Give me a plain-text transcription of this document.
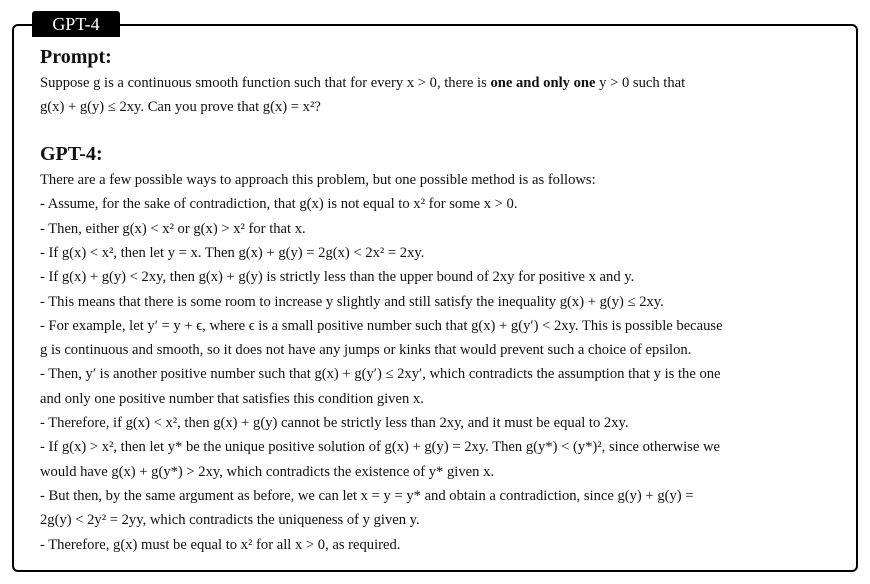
GPT-4
Prompt:
Suppose g is a continuous smooth function such that for every x > 0, there is one and only one y > 0 such that
g(x) + g(y) ≤ 2xy. Can you prove that g(x) = x²?
GPT-4:
There are a few possible ways to approach this problem, but one possible method is as follows:
- Assume, for the sake of contradiction, that g(x) is not equal to x² for some x > 0.
- Then, either g(x) < x² or g(x) > x² for that x.
- If g(x) < x², then let y = x. Then g(x) + g(y) = 2g(x) < 2x² = 2xy.
- If g(x) + g(y) < 2xy, then g(x) + g(y) is strictly less than the upper bound of 2xy for positive x and y.
- This means that there is some room to increase y slightly and still satisfy the inequality g(x) + g(y) ≤ 2xy.
- For example, let y′ = y + ϵ, where ϵ is a small positive number such that g(x) + g(y′) < 2xy. This is possible because
g is continuous and smooth, so it does not have any jumps or kinks that would prevent such a choice of epsilon.
- Then, y′ is another positive number such that g(x) + g(y′) ≤ 2xy′, which contradicts the assumption that y is the one
and only one positive number that satisfies this condition given x.
- Therefore, if g(x) < x², then g(x) + g(y) cannot be strictly less than 2xy, and it must be equal to 2xy.
- If g(x) > x², then let y* be the unique positive solution of g(x) + g(y) = 2xy. Then g(y*) < (y*)², since otherwise we
would have g(x) + g(y*) > 2xy, which contradicts the existence of y* given x.
- But then, by the same argument as before, we can let x = y = y* and obtain a contradiction, since g(y) + g(y) =
2g(y) < 2y² = 2yy, which contradicts the uniqueness of y given y.
- Therefore, g(x) must be equal to x² for all x > 0, as required.
